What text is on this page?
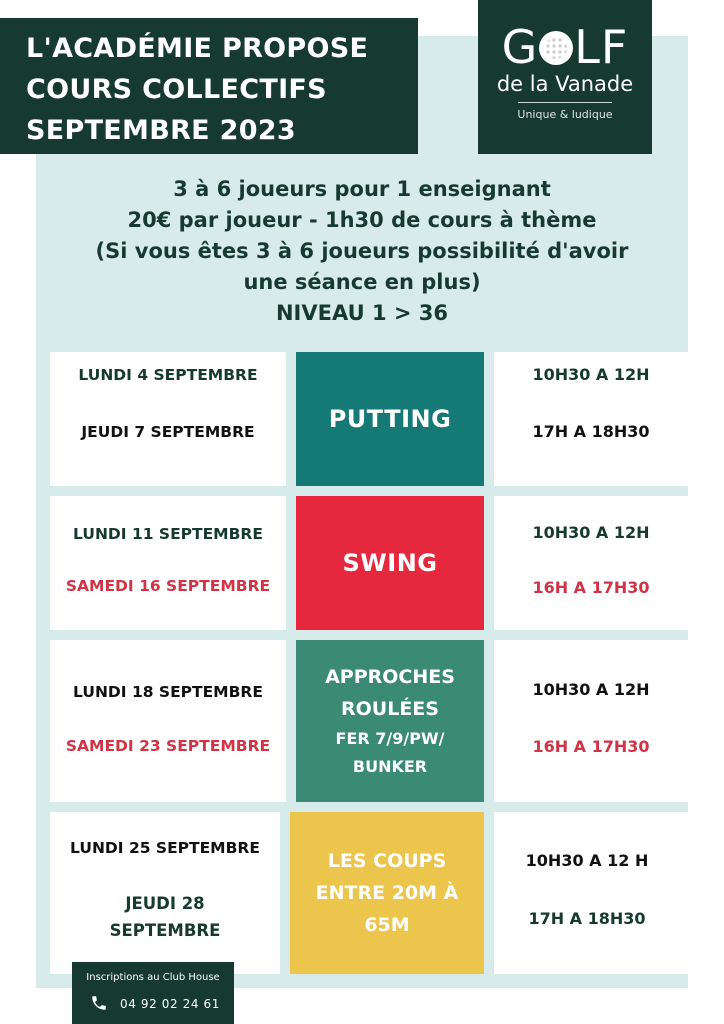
L'ACADÉMIE PROPOSE
COURS COLLECTIFS
SEPTEMBRE 2023
G LF
de la Vanade
Unique & ludique
3 à 6 joueurs pour 1 enseignant
20€ par joueur - 1h30 de cours à thème
(Si vous êtes 3 à 6 joueurs possibilité d'avoir
une séance en plus)
NIVEAU 1 > 36
LUNDI 4 SEPTEMBRE
JEUDI 7 SEPTEMBRE	PUTTING
10H30 A 12H
17H A 18H30
LUNDI 11 SEPTEMBRE
SAMEDI 16 SEPTEMBRE
SWING
10H30 A 12H
16H A 17H30
LUNDI 18 SEPTEMBRE
SAMEDI 23 SEPTEMBRE
APPROCHES
ROULÉES
FER 7/9/PW/
BUNKER
10H30 A 12H
16H A 17H30
LUNDI 25 SEPTEMBRE
JEUDI 28
SEPTEMBRE
LES COUPS
ENTRE 20M À
65M
10H30 A 12 H
17H A 18H30
Inscriptions au Club House
04 92 02 24 61
